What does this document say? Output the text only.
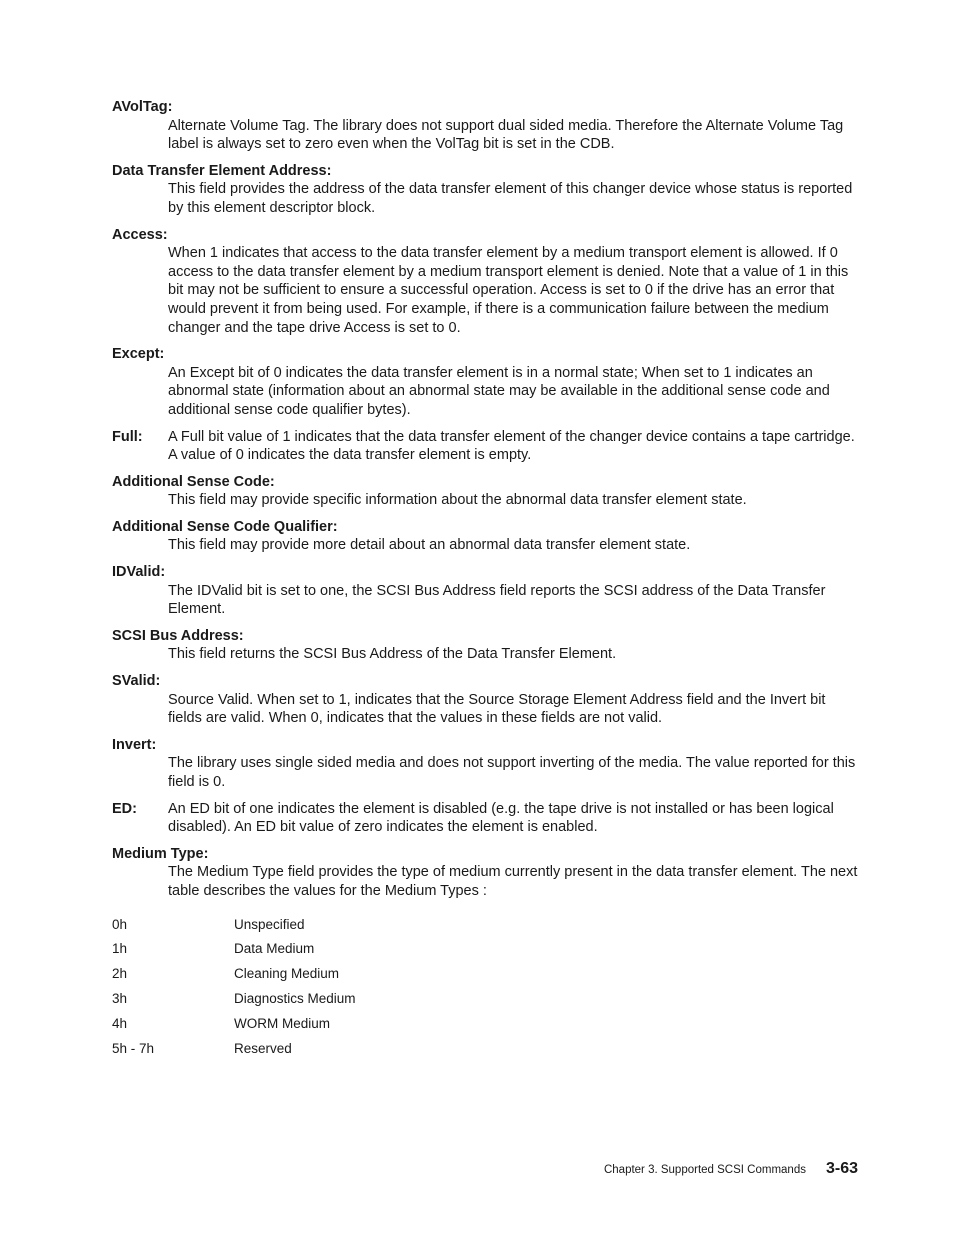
AVolTag:
Alternate Volume Tag. The library does not support dual sided media. Therefore the Alternate Volume Tag label is always set to zero even when the VolTag bit is set in the CDB.
Data Transfer Element Address:
This field provides the address of the data transfer element of this changer device whose status is reported by this element descriptor block.
Access:
When 1 indicates that access to the data transfer element by a medium transport element is allowed. If 0 access to the data transfer element by a medium transport element is denied. Note that a value of 1 in this bit may not be sufficient to ensure a successful operation. Access is set to 0 if the drive has an error that would prevent it from being used. For example, if there is a communication failure between the medium changer and the tape drive Access is set to 0.
Except:
An Except bit of 0 indicates the data transfer element is in a normal state; When set to 1 indicates an abnormal state (information about an abnormal state may be available in the additional sense code and additional sense code qualifier bytes).
Full:	A Full bit value of 1 indicates that the data transfer element of the changer device contains a tape cartridge. A value of 0 indicates the data transfer element is empty.
Additional Sense Code:
This field may provide specific information about the abnormal data transfer element state.
Additional Sense Code Qualifier:
This field may provide more detail about an abnormal data transfer element state.
IDValid:
The IDValid bit is set to one, the SCSI Bus Address field reports the SCSI address of the Data Transfer Element.
SCSI Bus Address:
This field returns the SCSI Bus Address of the Data Transfer Element.
SValid:
Source Valid. When set to 1, indicates that the Source Storage Element Address field and the Invert bit fields are valid. When 0, indicates that the values in these fields are not valid.
Invert:
The library uses single sided media and does not support inverting of the media. The value reported for this field is 0.
ED:	An ED bit of one indicates the element is disabled (e.g. the tape drive is not installed or has been logical disabled). An ED bit value of zero indicates the element is enabled.
Medium Type:
The Medium Type field provides the type of medium currently present in the data transfer element. The next table describes the values for the Medium Types :
0h	Unspecified
1h	Data Medium
2h	Cleaning Medium
3h	Diagnostics Medium
4h	WORM Medium
5h - 7h	Reserved
Chapter 3. Supported SCSI Commands 3-63
